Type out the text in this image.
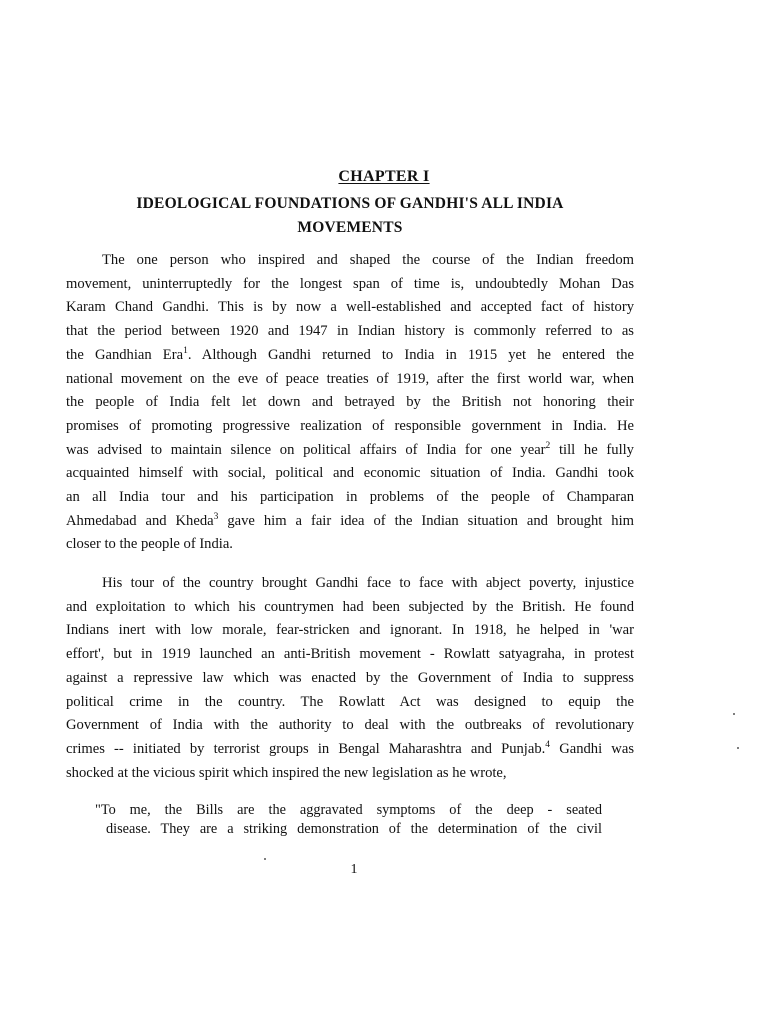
CHAPTER I
IDEOLOGICAL FOUNDATIONS OF GANDHI'S ALL INDIA
MOVEMENTS

The one person who inspired and shaped the course of the Indian freedom
movement, uninterruptedly for the longest span of time is, undoubtedly Mohan Das
Karam Chand Gandhi. This is by now a well-established and accepted fact of history
that the period between 1920 and 1947 in Indian history is commonly referred to as
the Gandhian Era$^1$. Although Gandhi returned to India in 1915 yet he entered the
national movement on the eve of peace treaties of 1919, after the first world war, when
the people of India felt let down and betrayed by the British not honoring their
promises of promoting progressive realization of responsible government in India. He
was advised to maintain silence on political affairs of India for one year$^2$ till he fully
acquainted himself with social, political and economic situation of India. Gandhi took
an all India tour and his participation in problems of the people of Champaran
Ahmedabad and Kheda$^3$ gave him a fair idea of the Indian situation and brought him
closer to the people of India.

His tour of the country brought Gandhi face to face with abject poverty, injustice
and exploitation to which his countrymen had been subjected by the British. He found
Indians inert with low morale, fear-stricken and ignorant. In 1918, he helped in 'war
effort', but in 1919 launched an anti-British movement - Rowlatt satyagraha, in protest
against a repressive law which was enacted by the Government of India to suppress
political crime in the country. The Rowlatt Act was designed to equip the
Government of India with the authority to deal with the outbreaks of revolutionary
crimes -- initiated by terrorist groups in Bengal Maharashtra and Punjab.$^4$ Gandhi was
shocked at the vicious spirit which inspired the new legislation as he wrote,

"To me, the Bills are the aggravated symptoms of the deep - seated
disease. They are a striking demonstration of the determination of the civil

1
